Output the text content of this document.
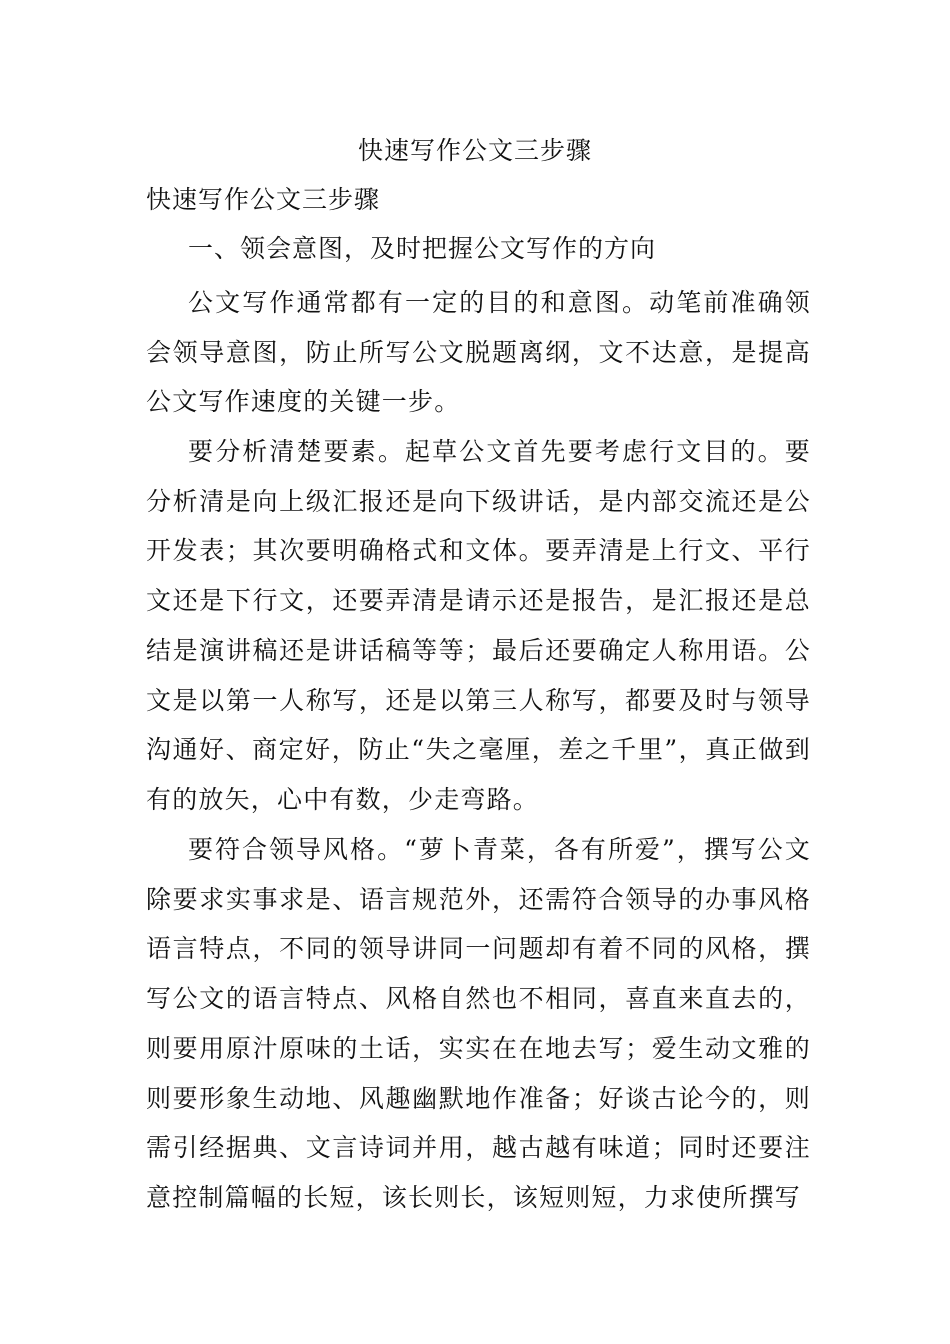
快速写作公文三步骤
快速写作公文三步骤
一、领会意图，及时把握公文写作的方向

公文写作通常都有一定的目的和意图。动笔前准确领会领导意图，防止所写公文脱题离纲，文不达意，是提高公文写作速度的关键一步。

要分析清楚要素。起草公文首先要考虑行文目的。要分析清是向上级汇报还是向下级讲话，是内部交流还是公开发表；其次要明确格式和文体。要弄清是上行文、平行文还是下行文，还要弄清是请示还是报告，是汇报还是总结是演讲稿还是讲话稿等等；最后还要确定人称用语。公文是以第一人称写，还是以第三人称写，都要及时与领导沟通好、商定好，防止“失之毫厘，差之千里”，真正做到有的放矢，心中有数，少走弯路。

要符合领导风格。“萝卜青菜，各有所爱”，撰写公文除要求实事求是、语言规范外，还需符合领导的办事风格语言特点，不同的领导讲同一问题却有着不同的风格，撰写公文的语言特点、风格自然也不相同，喜直来直去的，则要用原汁原味的土话，实实在在地去写；爱生动文雅的则要形象生动地、风趣幽默地作准备；好谈古论今的，则需引经据典、文言诗词并用，越古越有味道；同时还要注意控制篇幅的长短，该长则长，该短则短，力求使所撰写
